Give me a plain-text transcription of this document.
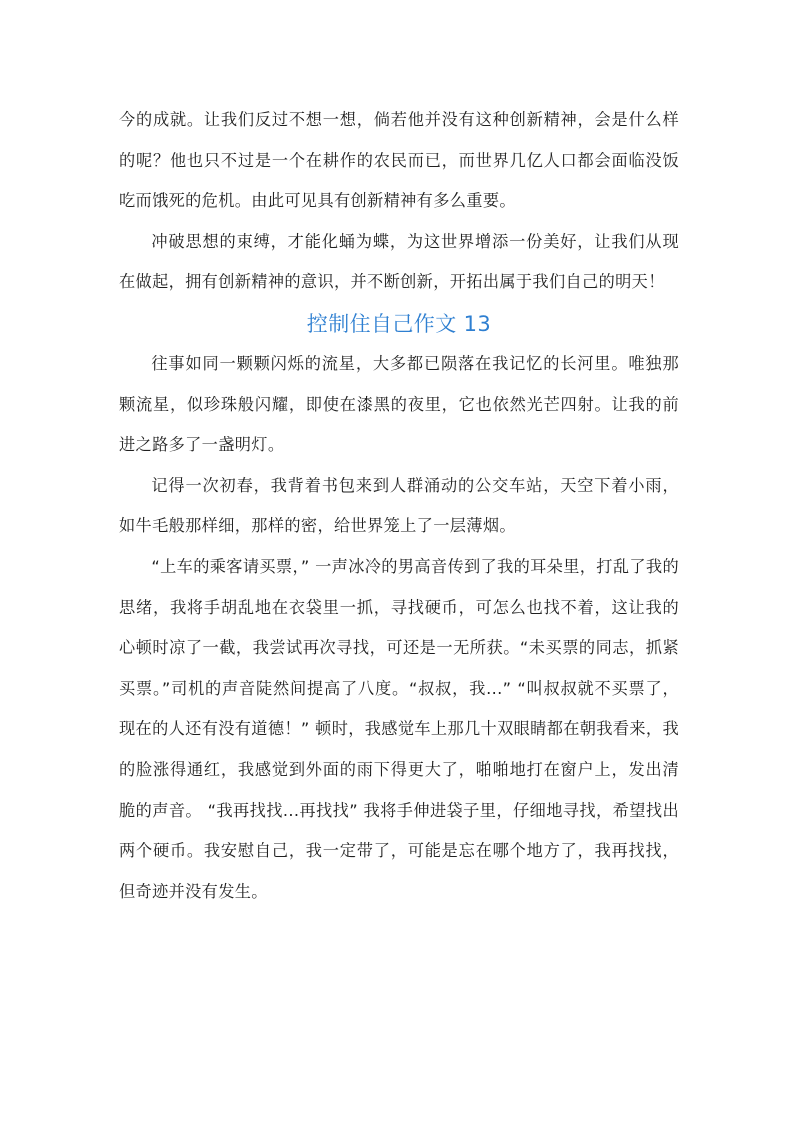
今的成就。让我们反过不想一想，倘若他并没有这种创新精神，会是什么样的呢？他也只不过是一个在耕作的农民而已，而世界几亿人口都会面临没饭吃而饿死的危机。由此可见具有创新精神有多么重要。

冲破思想的束缚，才能化蛹为蝶，为这世界增添一份美好，让我们从现在做起，拥有创新精神的意识，并不断创新，开拓出属于我们自己的明天！

控制住自己作文 13

往事如同一颗颗闪烁的流星，大多都已陨落在我记忆的长河里。唯独那颗流星，似珍珠般闪耀，即使在漆黑的夜里，它也依然光芒四射。让我的前进之路多了一盏明灯。

记得一次初春，我背着书包来到人群涌动的公交车站，天空下着小雨，如牛毛般那样细，那样的密，给世界笼上了一层薄烟。

“上车的乘客请买票，” 一声冰冷的男高音传到了我的耳朵里，打乱了我的思绪，我将手胡乱地在衣袋里一抓，寻找硬币，可怎么也找不着，这让我的心顿时凉了一截，我尝试再次寻找，可还是一无所获。“未买票的同志，抓紧买票。”司机的声音陡然间提高了八度。“叔叔，我...” “叫叔叔就不买票了，现在的人还有没有道德！” 顿时，我感觉车上那几十双眼睛都在朝我看来，我的脸涨得通红，我感觉到外面的雨下得更大了，啪啪地打在窗户上，发出清脆的声音。 “我再找找...再找找” 我将手伸进袋子里，仔细地寻找，希望找出两个硬币。我安慰自己，我一定带了，可能是忘在哪个地方了，我再找找，但奇迹并没有发生。
